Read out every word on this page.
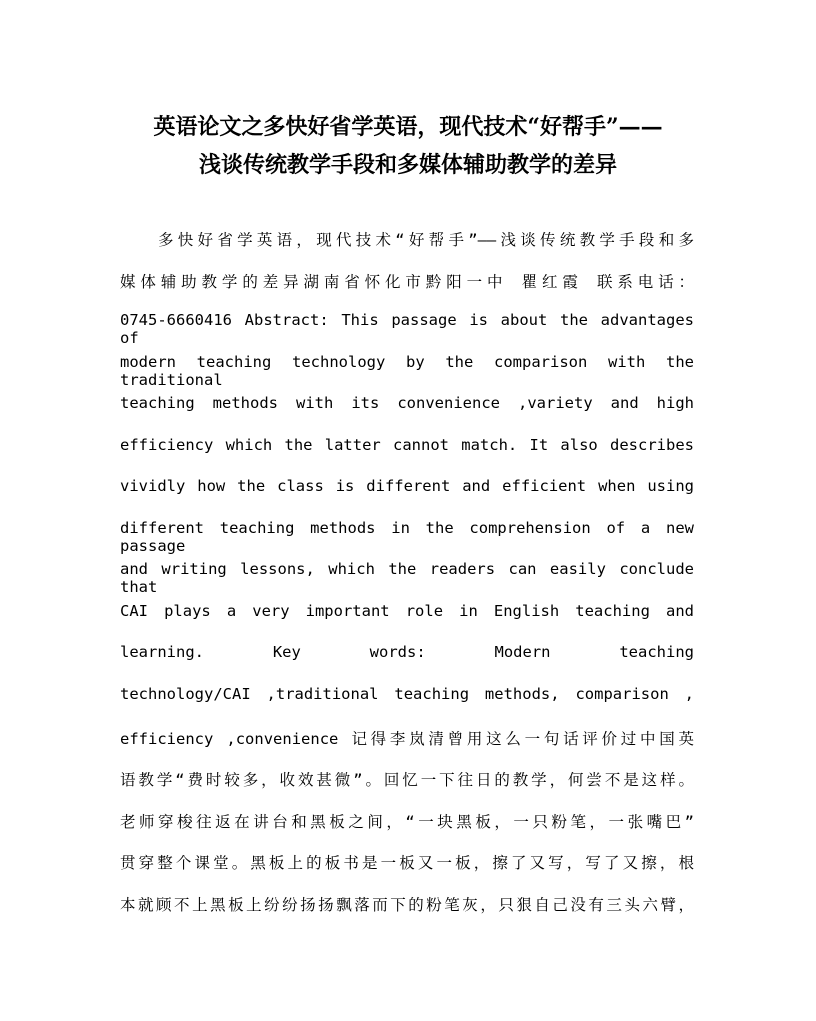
英语论文之多快好省学英语，现代技术“好帮手”——
浅谈传统教学手段和多媒体辅助教学的差异
多快好省学英语，现代技术“好帮手”——浅谈传统教学手段和多
媒体辅助教学的差异湖南省怀化市黔阳一中 瞿红霞 联系电话：
0745-6660416 Abstract: This passage is about the advantages of
modern teaching technology by the comparison with the traditional
teaching methods with its convenience ,variety and high
efficiency which the latter cannot match. It also describes
vividly how the class is different and efficient when using
different teaching methods in the comprehension of a new passage
and writing lessons, which the readers can easily conclude that
CAI plays a very important role in English teaching and
learning. Key words: Modern teaching
technology/CAI ,traditional teaching methods, comparison ,
efficiency ,convenience 记得李岚清曾用这么一句话评价过中国英
语教学“费时较多，收效甚微”。回忆一下往日的教学，何尝不是这样。
老师穿梭往返在讲台和黑板之间，“一块黑板，一只粉笔，一张嘴巴”
贯穿整个课堂。黑板上的板书是一板又一板，擦了又写，写了又擦，根
本就顾不上黑板上纷纷扬扬飘落而下的粉笔灰，只狠自己没有三头六臂，
